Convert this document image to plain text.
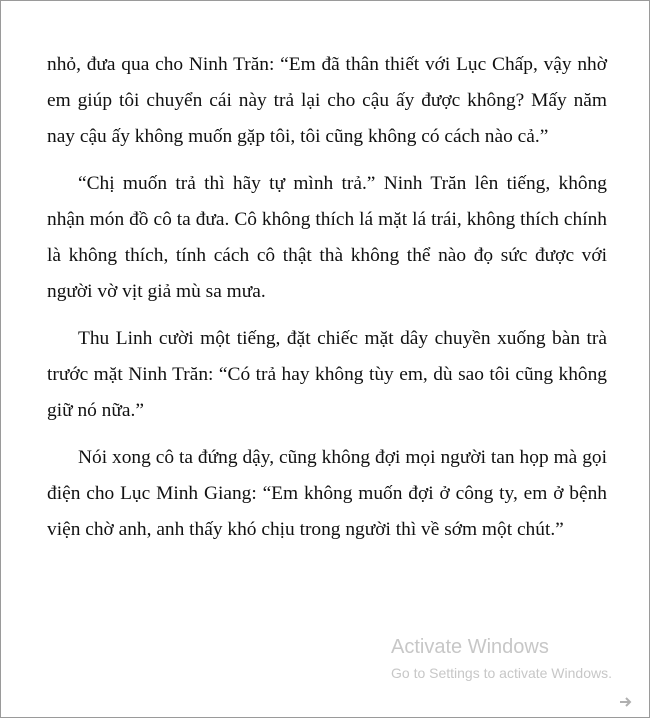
nhỏ, đưa qua cho Ninh Trăn: “Em đã thân thiết với Lục Chấp, vậy nhờ em giúp tôi chuyển cái này trả lại cho cậu ấy được không? Mấy năm nay cậu ấy không muốn gặp tôi, tôi cũng không có cách nào cả.”

“Chị muốn trả thì hãy tự mình trả.” Ninh Trăn lên tiếng, không nhận món đồ cô ta đưa. Cô không thích lá mặt lá trái, không thích chính là không thích, tính cách cô thật thà không thể nào đọ sức được với người vờ vịt giả mù sa mưa.

Thu Linh cười một tiếng, đặt chiếc mặt dây chuyền xuống bàn trà trước mặt Ninh Trăn: “Có trả hay không tùy em, dù sao tôi cũng không giữ nó nữa.”

Nói xong cô ta đứng dậy, cũng không đợi mọi người tan họp mà gọi điện cho Lục Minh Giang: “Em không muốn đợi ở công ty, em ở bệnh viện chờ anh, anh thấy khó chịu trong người thì về sớm một chút.”

Activate Windows
Go to Settings to activate Windows.
